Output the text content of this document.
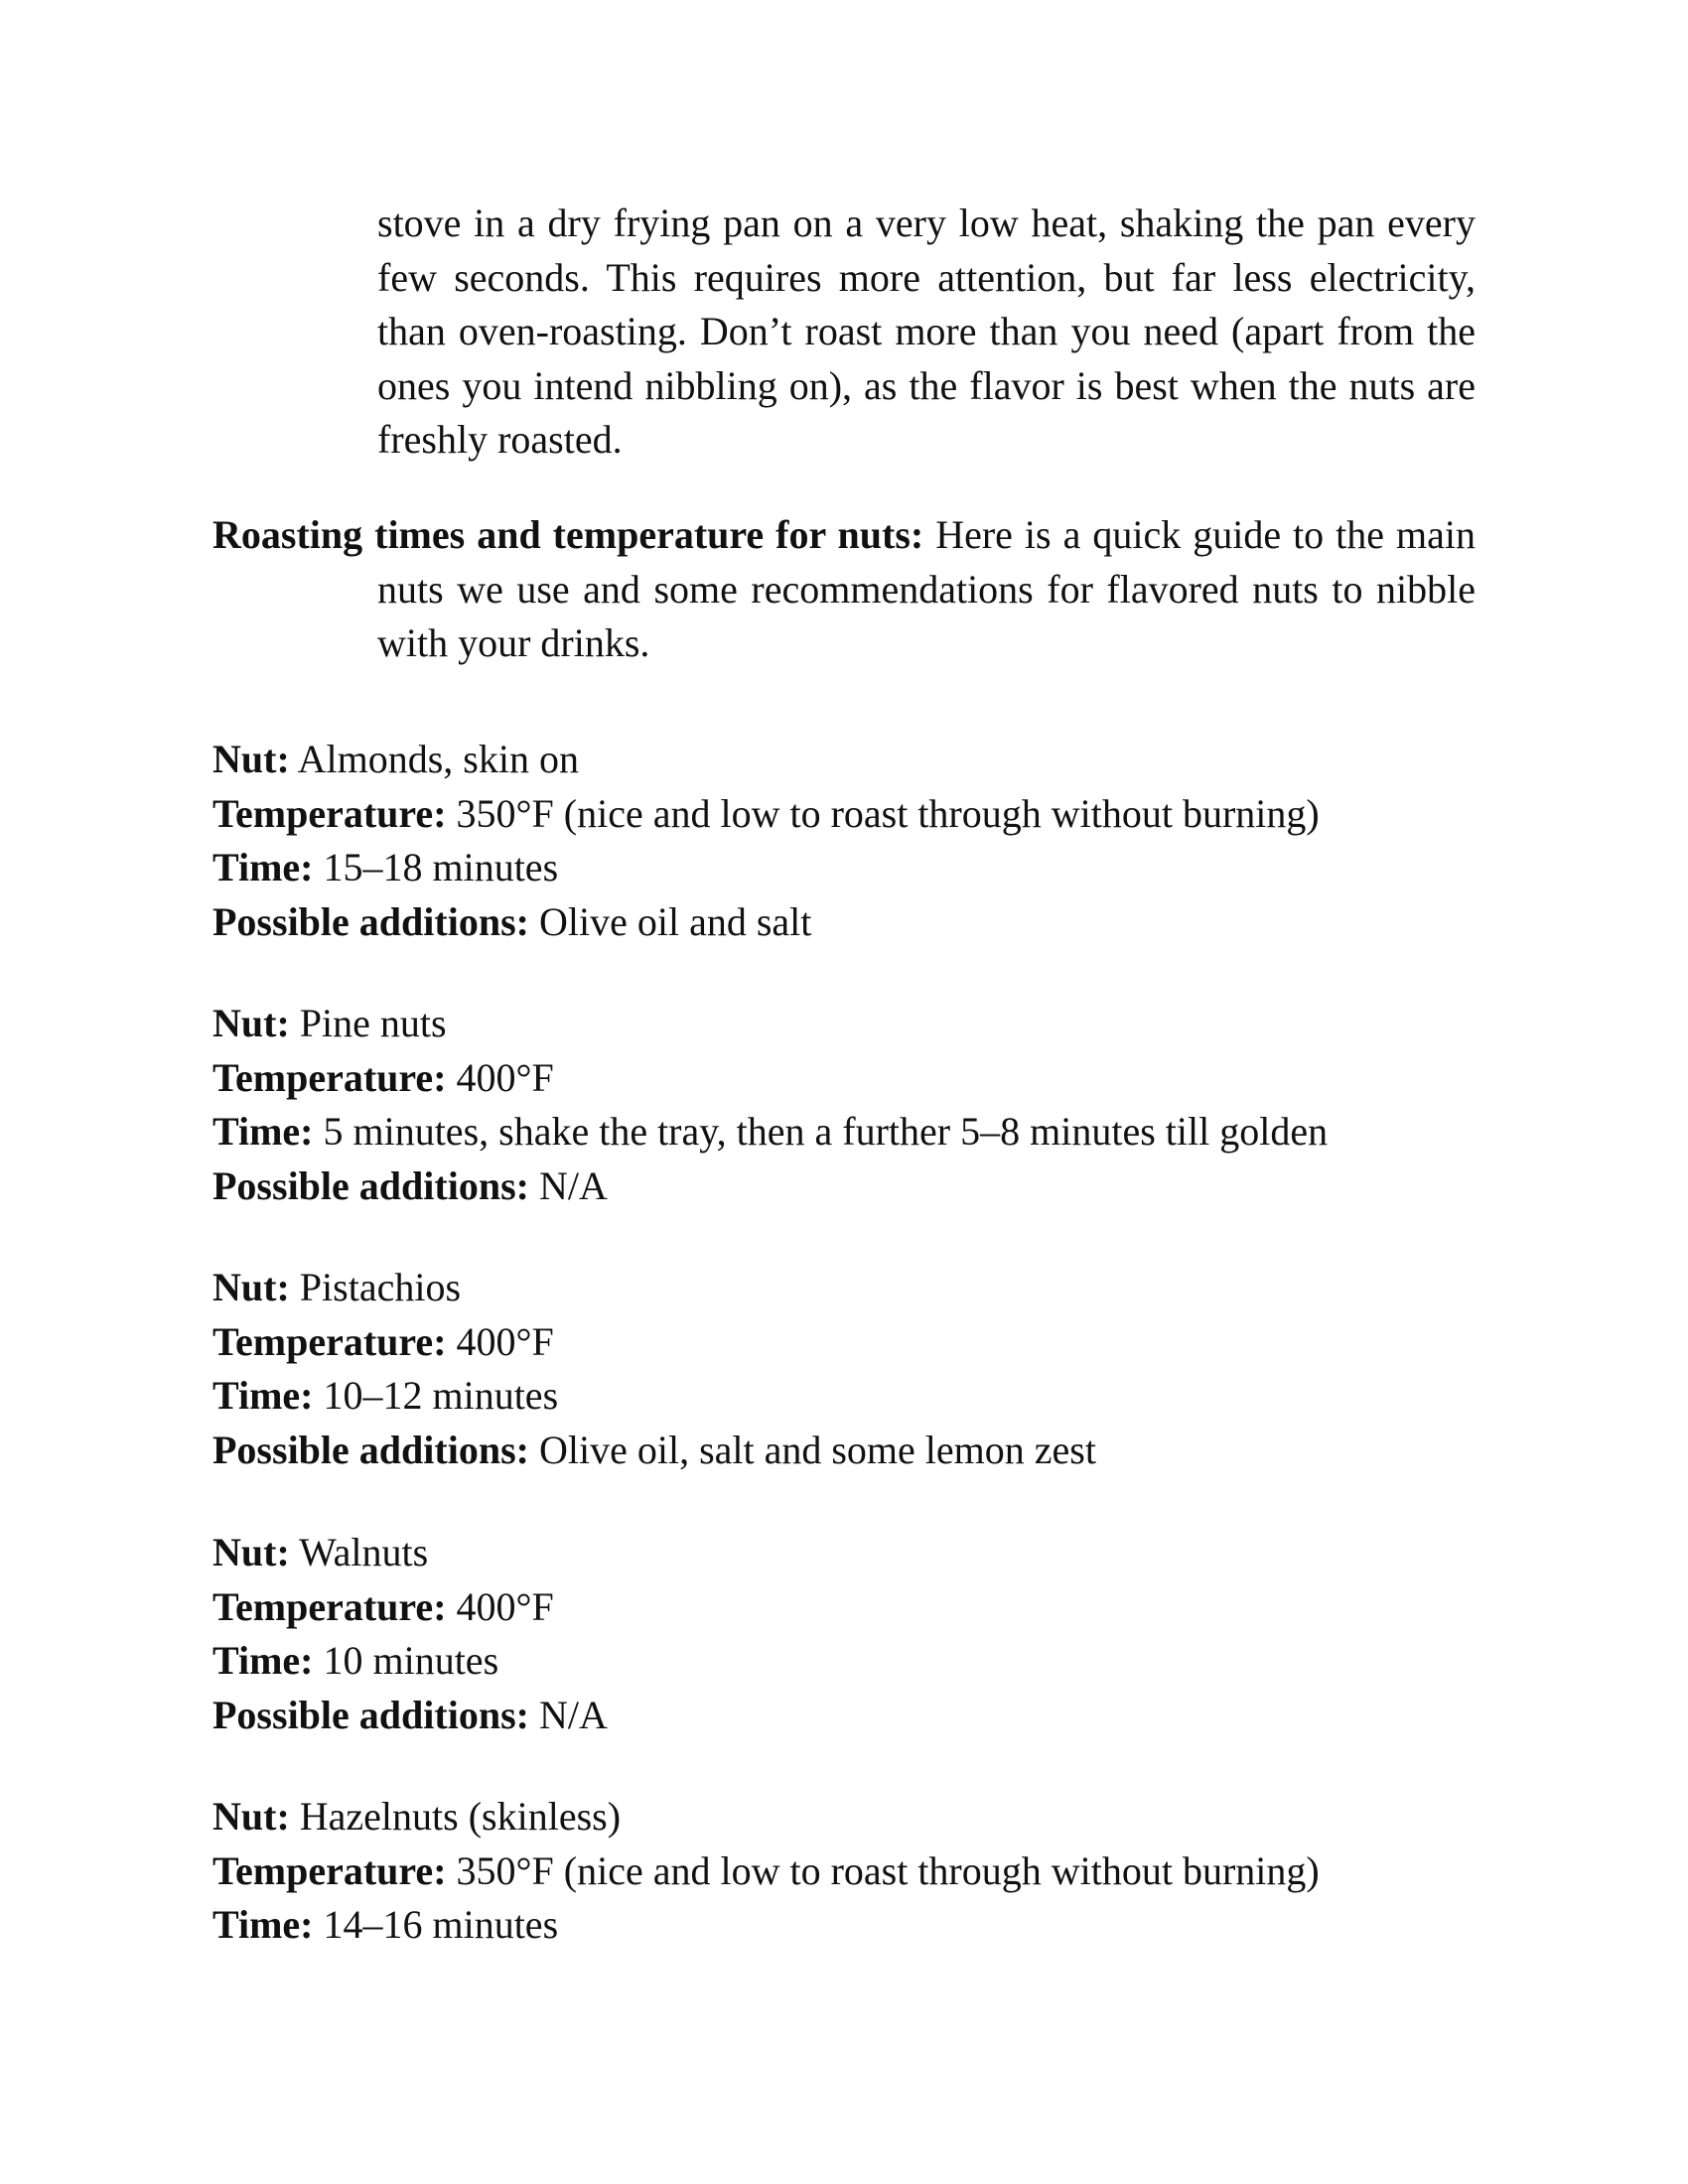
stove in a dry frying pan on a very low heat, shaking the pan every few seconds. This requires more attention, but far less electricity, than oven-roasting. Don’t roast more than you need (apart from the ones you intend nibbling on), as the flavor is best when the nuts are freshly roasted.

Roasting times and temperature for nuts: Here is a quick guide to the main nuts we use and some recommendations for flavored nuts to nibble with your drinks.

Nut: Almonds, skin on
Temperature: 350°F (nice and low to roast through without burning)
Time: 15–18 minutes
Possible additions: Olive oil and salt
Nut: Pine nuts
Temperature: 400°F
Time: 5 minutes, shake the tray, then a further 5–8 minutes till golden
Possible additions: N/A
Nut: Pistachios
Temperature: 400°F
Time: 10–12 minutes
Possible additions: Olive oil, salt and some lemon zest
Nut: Walnuts
Temperature: 400°F
Time: 10 minutes
Possible additions: N/A
Nut: Hazelnuts (skinless)
Temperature: 350°F (nice and low to roast through without burning)
Time: 14–16 minutes
